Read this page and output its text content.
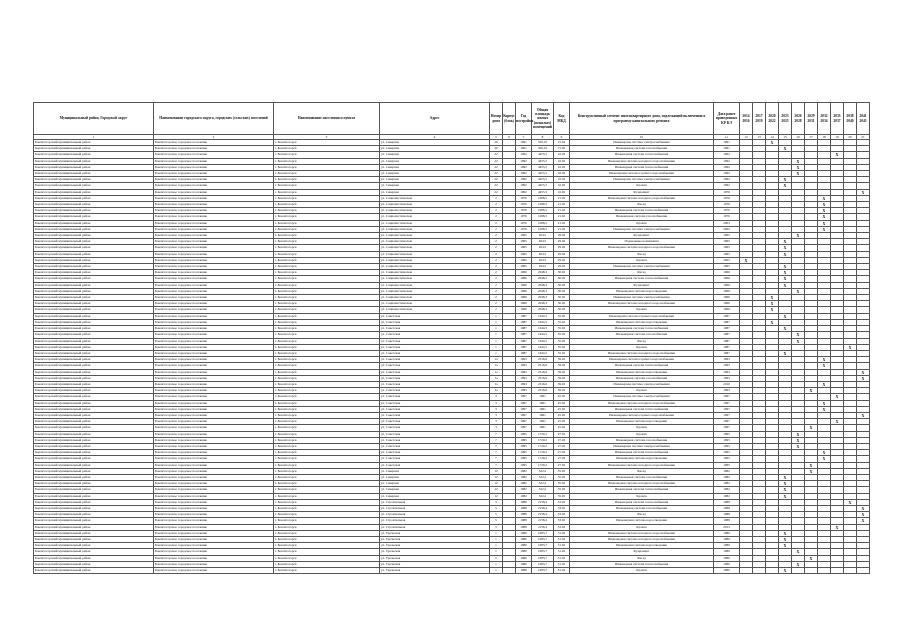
Муниципальный район, Городской округ	Наименование городского округа, городских (сельских) поселений	Наименование населенного пункта	Адрес	Номер дома	Корпус (блок)	Год постройки	Общая площадь жилых (нежилых) помещений	Код МКД	Конструктивный элемент многоквартирного дома, подлежащий включению в программу капитального ремонта	Дата ранее проведенных КР КЭ	2014 2016	2017 2019	2020 2022	2023 2025	2026 2028	2029 2031	2032 2034	2035 2037	2038 2040	2041 2043
1	2	3	4	5	6	7	8	9	10	11	12	13	14	15	16	17	18	19	20	21
Бокситогорский муниципальный район	Бокситогорское городское поселение	г. Бокситогорск	ул. Северная	20		1991	509,10	15.02	Инженерная система электроснабжения	1991			X							
Бокситогорский муниципальный район	Бокситогорское городское поселение	г. Бокситогорск	ул. Северная	20		1991	509,10	15.02	Инженерная система газоснабжения	1991				X						
Бокситогорский муниципальный район	Бокситогорское городское поселение	г. Бокситогорск	ул. Северная	22		1992	4455,5	16.02	Инженерная система теплоснабжения	1992								X		
Бокситогорский муниципальный район	Бокситогорское городское поселение	г. Бокситогорск	ул. Северная	22		1992	4455,5	16.02	Инженерная система холодного водоснабжения	1992					X					
Бокситогорский муниципальный район	Бокситогорское городское поселение	г. Бокситогорск	ул. Северная	22		1992	4455,5	16.02	Инженерная система теплоснабжения	1992					X					
Бокситогорский муниципальный район	Бокситогорское городское поселение	г. Бокситогорск	ул. Северная	22		1992	4455,5	16.02	Инженерная система горячего водоснабжения	1992					X					
Бокситогорский муниципальный район	Бокситогорское городское поселение	г. Бокситогорск	ул. Северная	22		1992	4455,5	16.02	Инженерная система электроснабжения	1992				X						
Бокситогорский муниципальный район	Бокситогорское городское поселение	г. Бокситогорск	ул. Северная	22		1992	4455,5	16.02	Кровля	1992				X						
Бокситогорский муниципальный район	Бокситогорское городское поселение	г. Бокситогорск	ул. Северная	22		1992	4455,5	16.02	Фундамент	1976										X
Бокситогорский муниципальный район	Бокситогорское городское поселение	г. Бокситогорск	ул. Социалистическая	2		1976	1068,5	21.02	Инженерная система холодного водоснабжения	1976							X			
Бокситогорский муниципальный район	Бокситогорское городское поселение	г. Бокситогорск	ул. Социалистическая	2		1976	1068,5	21.02	Фасад	1976							X			
Бокситогорский муниципальный район	Бокситогорское городское поселение	г. Бокситогорск	ул. Социалистическая	2		1976	1068,5	21.02	Инженерная система теплоснабжения	1976							X			
Бокситогорский муниципальный район	Бокситогорское городское поселение	г. Бокситогорск	ул. Социалистическая	2		1976	1068,5	21.02	Инженерная система газоснабжения	1976							X			
Бокситогорский муниципальный район	Бокситогорское городское поселение	г. Бокситогорск	ул. Социалистическая	2		1976	1068,5	21.02	Кровля	2003							X			
Бокситогорский муниципальный район	Бокситогорское городское поселение	г. Бокситогорск	ул. Социалистическая	2		1976	1068,5	21.02	Инженерная система электроснабжения	2002							X			
Бокситогорский муниципальный район	Бокситогорское городское поселение	г. Бокситогорск	ул. Социалистическая	2		1965	264,5	29.02	Фундамент	1965					X					
Бокситогорский муниципальный район	Бокситогорское городское поселение	г. Бокситогорск	ул. Социалистическая	2		1965	264,5	29.02	Подвальные помещения	1965				X						
Бокситогорский муниципальный район	Бокситогорское городское поселение	г. Бокситогорск	ул. Социалистическая	2		1965	264,5	29.02	Инженерная система холодного водоснабжения	1965				X						
Бокситогорский муниципальный район	Бокситогорское городское поселение	г. Бокситогорск	ул. Социалистическая	2		1965	264,5	29.02	Фасад	1965				X						
Бокситогорский муниципальный район	Бокситогорское городское поселение	г. Бокситогорск	ул. Социалистическая	2		1965	264,5	29.02	Кровля	2005	X									
Бокситогорский муниципальный район	Бокситогорское городское поселение	г. Бокситогорск	ул. Социалистическая	2		1965	264,5	29.02	Инженерная система электроснабжения	1965				X						
Бокситогорский муниципальный район	Бокситогорское городское поселение	г. Бокситогорск	ул. Социалистическая	2		1966	2048,3	30.02	Фасад	1966				X						
Бокситогорский муниципальный район	Бокситогорское городское поселение	г. Бокситогорск	ул. Социалистическая	2		1966	2048,3	30.02	Инженерная система теплоснабжения	1966				X						
Бокситогорский муниципальный район	Бокситогорское городское поселение	г. Бокситогорск	ул. Социалистическая	2		1966	2048,3	30.02	Фундамент	1966				X						
Бокситогорский муниципальный район	Бокситогорское городское поселение	г. Бокситогорск	ул. Социалистическая	2		1966	2048,3	30.02	Инженерная система водоотведения	1966					X					
Бокситогорский муниципальный район	Бокситогорское городское поселение	г. Бокситогорск	ул. Социалистическая	2		1966	2048,3	30.02	Инженерная система электроснабжения	1966			X							
Бокситогорский муниципальный район	Бокситогорское городское поселение	г. Бокситогорск	ул. Социалистическая	2		1966	2048,3	30.02	Инженерная система холодного водоснабжения	1966			X							
Бокситогорский муниципальный район	Бокситогорское городское поселение	г. Бокситогорск	ул. Социалистическая	2		1966	2048,3	30.02	Кровля	1966			X							
Бокситогорский муниципальный район	Бокситогорское городское поселение	г. Бокситогорск	ул. Советская	1		1987	1644,5	35.02	Инженерная система горячего водоснабжения	1987				X						
Бокситогорский муниципальный район	Бокситогорское городское поселение	г. Бокситогорск	ул. Советская	1		1987	1644,5	35.02	Инженерная система водоотведения	1987			X							
Бокситогорский муниципальный район	Бокситогорское городское поселение	г. Бокситогорск	ул. Советская	1		1987	1644,5	35.02	Инженерная система теплоснабжения	1987				X						
Бокситогорский муниципальный район	Бокситогорское городское поселение	г. Бокситогорск	ул. Советская	1		1987	1644,5	35.02	Инженерная система газоснабжения	1987					X					
Бокситогорский муниципальный район	Бокситогорское городское поселение	г. Бокситогорск	ул. Советская	1		1987	1644,5	35.02	Фасад	1987					X					
Бокситогорский муниципальный район	Бокситогорское городское поселение	г. Бокситогорск	ул. Советская	1		1987	1644,5	35.02	Кровля	1987									X	
Бокситогорский муниципальный район	Бокситогорское городское поселение	г. Бокситогорск	ул. Советская	1		1987	1644,5	35.02	Инженерная система холодного водоснабжения	1987				X						
Бокситогорский муниципальный район	Бокситогорское городское поселение	г. Бокситогорск	ул. Советская	1а		1993	2316,6	39.02	Инженерная система горячего водоснабжения	1993							X			
Бокситогорский муниципальный район	Бокситогорское городское поселение	г. Бокситогорск	ул. Советская	1а		1993	2316,6	39.02	Инженерная система теплоснабжения	1993							X			
Бокситогорский муниципальный район	Бокситогорское городское поселение	г. Бокситогорск	ул. Советская	1а		1993	2316,6	39.02	Инженерная система водоотведения	1993										X
Бокситогорский муниципальный район	Бокситогорское городское поселение	г. Бокситогорск	ул. Советская	1а		1993	2316,6	39.02	Инженерная система газоснабжения	1993										X
Бокситогорский муниципальный район	Бокситогорское городское поселение	г. Бокситогорск	ул. Советская	1а		1993	2316,6	39.02	Инженерная система электроснабжения	2010							X			
Бокситогорский муниципальный район	Бокситогорское городское поселение	г. Бокситогорск	ул. Советская	1а		1993	2316,6	39.02	Кровля	1993						X				
Бокситогорский муниципальный район	Бокситогорское городское поселение	г. Бокситогорск	ул. Советская	3		1997	1661	45.02	Инженерная система электроснабжения	1997								X		
Бокситогорский муниципальный район	Бокситогорское городское поселение	г. Бокситогорск	ул. Советская	3		1997	1661	45.02	Инженерная система холодного водоснабжения	1997							X			
Бокситогорский муниципальный район	Бокситогорское городское поселение	г. Бокситогорск	ул. Советская	3		1997	1661	45.02	Инженерная система теплоснабжения	1997							X			
Бокситогорский муниципальный район	Бокситогорское городское поселение	г. Бокситогорск	ул. Советская	3		1997	1661	45.02	Инженерная система горячего водоснабжения	1997										X
Бокситогорский муниципальный район	Бокситогорское городское поселение	г. Бокситогорск	ул. Советская	3		1997	1661	45.02	Инженерная система водоотведения	1997								X		
Бокситогорский муниципальный район	Бокситогорское городское поселение	г. Бокситогорск	ул. Советская	3		1997	1661	45.02	Кровля	1997						X				
Бокситогорский муниципальный район	Бокситогорское городское поселение	г. Бокситогорск	ул. Советская	7		1995	1720,2	27.02	Кровля	1995					X					
Бокситогорский муниципальный район	Бокситогорское городское поселение	г. Бокситогорск	ул. Советская	7		1995	1720,2	27.02	Инженерная система газоснабжения	1995					X					
Бокситогорский муниципальный район	Бокситогорское городское поселение	г. Бокситогорск	ул. Советская	7		1995	1720,2	27.02	Инженерная система электроснабжения	1995					X					
Бокситогорский муниципальный район	Бокситогорское городское поселение	г. Бокситогорск	ул. Советская	7		1995	1720,2	27.02	Инженерная система теплоснабжения	1995							X			
Бокситогорский муниципальный район	Бокситогорское городское поселение	г. Бокситогорск	ул. Советская	7		1995	1720,2	27.02	Инженерная система водоотведения	1995							X			
Бокситогорский муниципальный район	Бокситогорское городское поселение	г. Бокситогорск	ул. Советская	7		1995	1720,2	27.02	Инженерная система холодного водоснабжения	1995						X				
Бокситогорский муниципальный район	Бокситогорское городское поселение	г. Бокситогорск	ул. Северная	12		1982	522,2	35.02	Фасад	1982						X				
Бокситогорский муниципальный район	Бокситогорское городское поселение	г. Бокситогорск	ул. Северная	12		1982	522,2	35.02	Инженерная система газоснабжения	1982				X						
Бокситогорский муниципальный район	Бокситогорское городское поселение	г. Бокситогорск	ул. Северная	12		1982	522,2	35.02	Инженерная система холодного водоснабжения	1982				X						
Бокситогорский муниципальный район	Бокситогорское городское поселение	г. Бокситогорск	ул. Северная	12		1982	522,2	35.02	Инженерная система теплоснабжения	1982				X						
Бокситогорский муниципальный район	Бокситогорское городское поселение	г. Бокситогорск	ул. Северная	12		1982	522,2	35.02	Кровля	1982				X						
Бокситогорский муниципальный район	Бокситогорское городское поселение	г. Бокситогорск	ул. Строительная	5		1988	2158,4	33.02	Инженерная система теплоснабжения	1988									X	
Бокситогорский муниципальный район	Бокситогорское городское поселение	г. Бокситогорск	ул. Строительная	5		1988	2158,4	33.02	Инженерная система газоснабжения	1988										X
Бокситогорский муниципальный район	Бокситогорское городское поселение	г. Бокситогорск	ул. Строительная	5		1988	2158,4	33.02	Фасад	1988										X
Бокситогорский муниципальный район	Бокситогорское городское поселение	г. Бокситогорск	ул. Строительная	5		1988	2158,4	33.02	Инженерная система водоотведения	1988										X
Бокситогорский муниципальный район	Бокситогорское городское поселение	г. Бокситогорск	ул. Строительная	5		1988	2158,4	33.02	Кровля	2013								X		
Бокситогорский муниципальный район	Бокситогорское городское поселение	г. Бокситогорск	ул. Уральская	1		1980	1083,7	31.02	Инженерная система холодного водоснабжения	1980				X						
Бокситогорский муниципальный район	Бокситогорское городское поселение	г. Бокситогорск	ул. Уральская	1		1980	1083,7	31.02	Инженерная система холодного водоснабжения	1980				X						
Бокситогорский муниципальный район	Бокситогорское городское поселение	г. Бокситогорск	ул. Уральская	1		1980	1083,7	31.02	Инженерная система водоотведения	1980				X						
Бокситогорский муниципальный район	Бокситогорское городское поселение	г. Бокситогорск	ул. Уральская	1		1980	1083,7	31.02	Фундамент	1980					X					
Бокситогорский муниципальный район	Бокситогорское городское поселение	г. Бокситогорск	ул. Уральская	1		1980	1083,7	31.02	Фасад	1980						X				
Бокситогорский муниципальный район	Бокситогорское городское поселение	г. Бокситогорск	ул. Уральская	1		1980	1083,7	31.02	Инженерная система теплоснабжения	1980					X					
Бокситогорский муниципальный район	Бокситогорское городское поселение	г. Бокситогорск	ул. Уральская	1		1980	1083,7	31.02	Кровля	1980				X						
